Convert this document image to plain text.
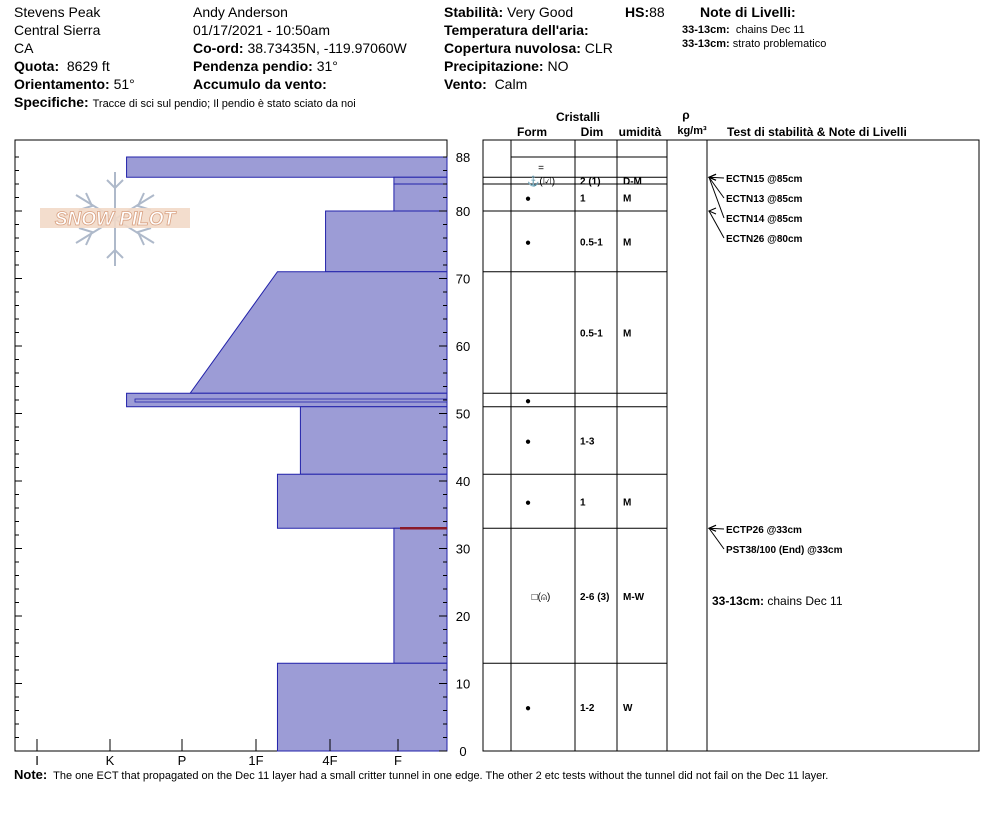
Stevens Peak
Central Sierra
CA
Quota: 8629 ft
Orientamento: 51°
Specifiche: Tracce di sci sul pendio; Il pendio è stato sciato da noi
Andy Anderson
01/17/2021 - 10:50am
Co-ord: 38.73435N, -119.97060W
Pendenza pendio: 31°
Accumulo da vento:
Stabilità: Very Good
Temperatura dell'aria:
Copertura nuvolosa: CLR
Precipitazione: NO
Vento: Calm
HS:88	Note di Livelli:
33-13cm: chains Dec 11
33-13cm: strato problematico
SNOW PILOT
0
10
20
30
40
50
60
70
80
88
I	K	P	1F	4F	F
=
⚓(☑) 2 (1) D-M
●	1	M
●	0.5-1 M
0.5-1 M
●
●	1-3
●	1	M
□(⍝)	2-6 (3) M-W
●	1-2	W
ECTN15 @85cm
ECTN13 @85cm
ECTN14 @85cm
ECTN26 @80cm
ECTP26 @33cm
PST38/100 (End) @33cm
33-13cm: chains Dec 11
Cristalli
Form	Dim umidità
ρ
kg/m³ Test di stabilità & Note di Livelli
Note: The one ECT that propagated on the Dec 11 layer had a small critter tunnel in one edge. The other 2 etc tests without the tunnel did not fail on the Dec 11 layer.
